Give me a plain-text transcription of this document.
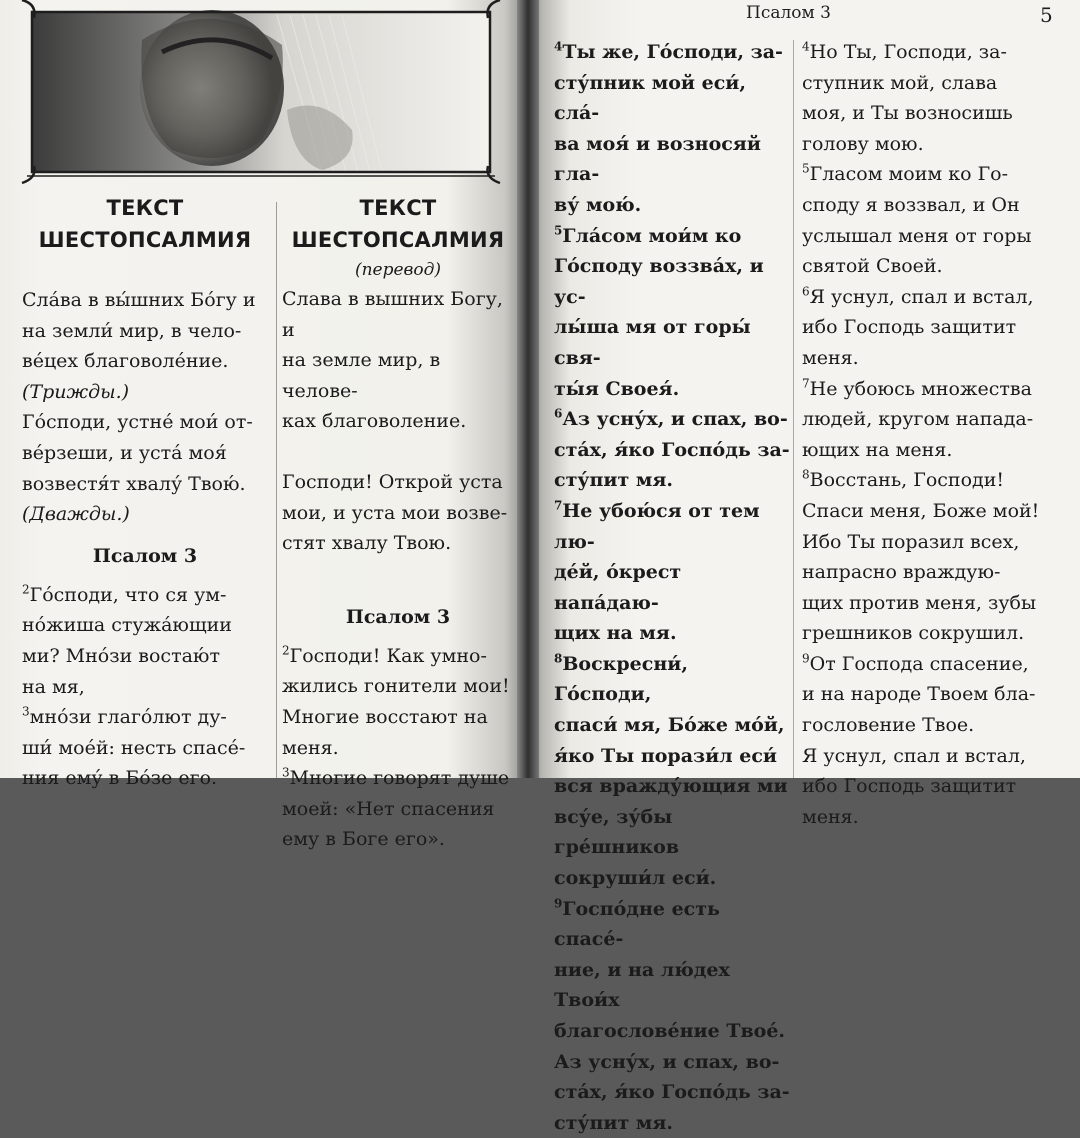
ТЕКСТ
ШЕСТОПСАЛМИЯ

Сла́ва в вы́шних Бо́гу и

на земли́ мир, в чело-

ве́цех благоволе́ние.

(Трижды.)

Го́споди, устне́ мои́ от-

ве́рзеши, и уста́ моя́

возвестя́т хвалу́ Твою́.

(Дважды.)

Псалом 3

$^2$Го́споди, что ся ум-

но́жиша стужа́ющии

ми? Мно́зи востаю́т

на мя,

$^3$мно́зи глаго́лют ду-

ши́ моéй: несть спасе́-

ния ему́ в Бо́зе его.

ТЕКСТ
ШЕСТОПСАЛМИЯ
(перевод)

Слава в вышних Богу, и

на земле мир, в челове-

ках благоволение.

Господи! Открой уста

мои, и уста мои возве-

стят хвалу Твою.

Псалом 3

$^2$Господи! Как умно-

жились гонители мои!

Многие восстают на

меня.

$^3$Многие говорят душе

моей: «Нет спасения

ему в Боге его».

Псалом 3	5

$^4$Ты же, Го́споди, за-

сту́пник мой еси́, сла́-

ва моя́ и возносяй гла-

ву́ мою́.

$^5$Гла́сом мои́м ко

Го́споду воззва́х, и ус-

лы́ша мя от горы́ свя-

ты́я Своея́.

$^6$Аз усну́х, и спах, во-

ста́х, я́ко Госпо́дь за-

сту́пит мя.

$^7$Не убою́ся от тем лю-

де́й, о́крест напа́даю-

щих на мя.

$^8$Воскресни́, Го́споди,

спаси́ мя, Бо́же мо́й,

я́ко Ты порази́л еси́

вся вражду́ющия ми

всу́е, зу́бы гре́шников

сокруши́л еси́.

$^9$Госпо́дне есть спасе́-

ние, и на лю́дех Твои́х

благослове́ние Твое́.

Аз усну́х, и спах, во-

ста́х, я́ко Госпо́дь за-

сту́пит мя.

$^4$Но Ты, Господи, за-

ступник мой, слава

моя, и Ты возносишь

голову мою.

$^5$Гласом моим ко Го-

споду я воззвал, и Он

услышал меня от горы

святой Своей.

$^6$Я уснул, спал и встал,

ибо Господь защитит

меня.

$^7$Не убоюсь множества

людей, кругом напада-

ющих на меня.

$^8$Восстань, Господи!

Спаси меня, Боже мой!

Ибо Ты поразил всех,

напрасно враждую-

щих против меня, зубы

грешников сокрушил.

$^9$От Господа спасение,

и на народе Твоем бла-

гословение Твое.

Я уснул, спал и встал,

ибо Господь защитит

меня.
